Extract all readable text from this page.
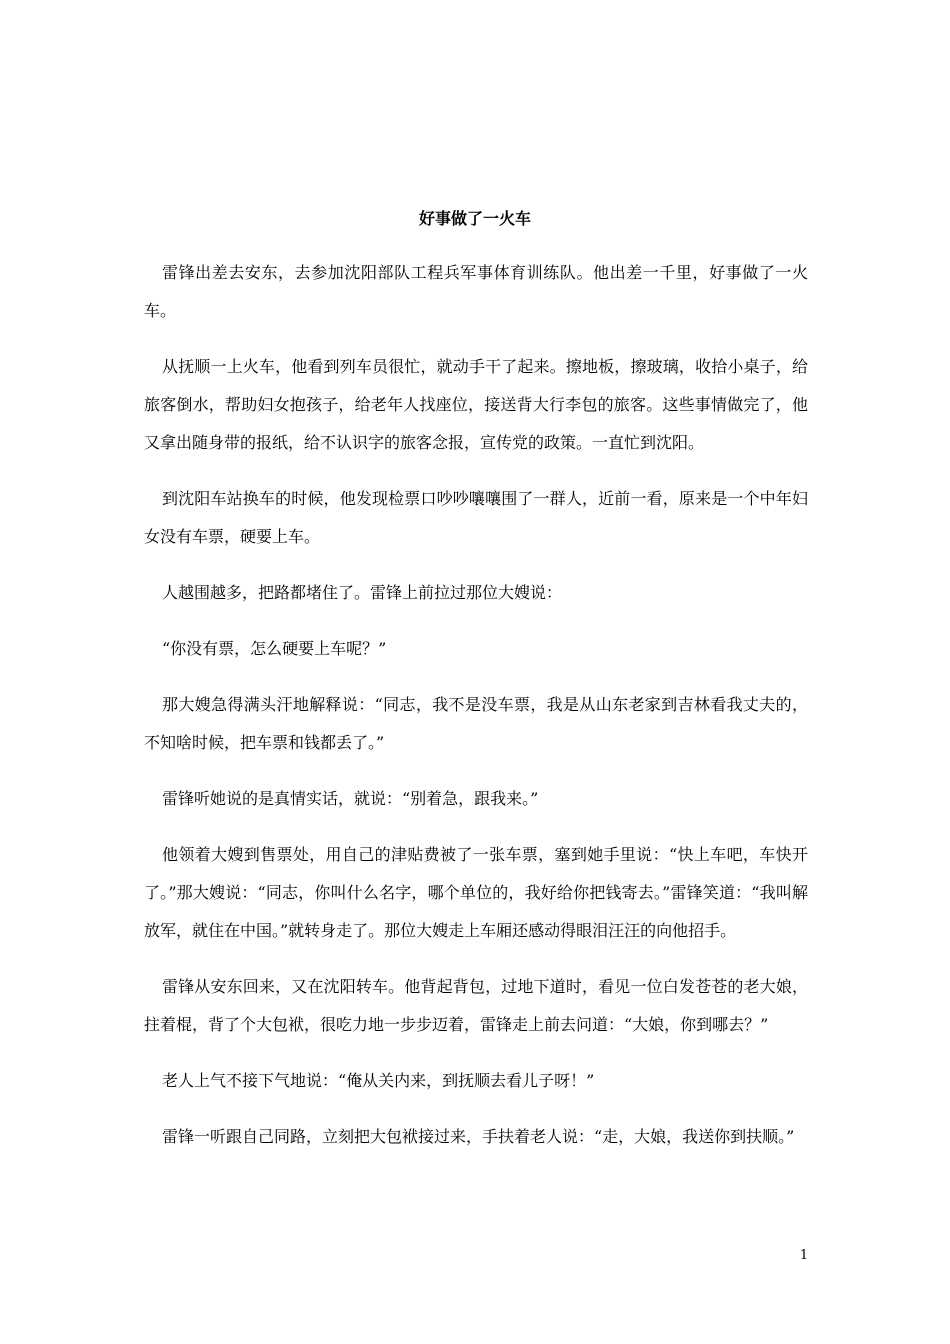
好事做了一火车

雷锋出差去安东，去参加沈阳部队工程兵军事体育训练队。他出差一千里，好事做了一火车。

从抚顺一上火车，他看到列车员很忙，就动手干了起来。擦地板，擦玻璃，收拾小桌子，给旅客倒水，帮助妇女抱孩子，给老年人找座位，接送背大行李包的旅客。这些事情做完了，他又拿出随身带的报纸，给不认识字的旅客念报，宣传党的政策。一直忙到沈阳。

到沈阳车站换车的时候，他发现检票口吵吵嚷嚷围了一群人，近前一看，原来是一个中年妇女没有车票，硬要上车。

人越围越多，把路都堵住了。雷锋上前拉过那位大嫂说：

“你没有票，怎么硬要上车呢？”

那大嫂急得满头汗地解释说：“同志，我不是没车票，我是从山东老家到吉林看我丈夫的，不知啥时候，把车票和钱都丢了。”

雷锋听她说的是真情实话，就说：“别着急，跟我来。”

他领着大嫂到售票处，用自己的津贴费被了一张车票，塞到她手里说：“快上车吧，车快开了。”那大嫂说：“同志，你叫什么名字，哪个单位的，我好给你把钱寄去。”雷锋笑道：“我叫解放军，就住在中国。”就转身走了。那位大嫂走上车厢还感动得眼泪汪汪的向他招手。

雷锋从安东回来，又在沈阳转车。他背起背包，过地下道时，看见一位白发苍苍的老大娘，拄着棍，背了个大包袱，很吃力地一步步迈着，雷锋走上前去问道：“大娘，你到哪去？”

老人上气不接下气地说：“俺从关内来，到抚顺去看儿子呀！”

雷锋一听跟自己同路，立刻把大包袱接过来，手扶着老人说：“走，大娘，我送你到扶顺。”

1
